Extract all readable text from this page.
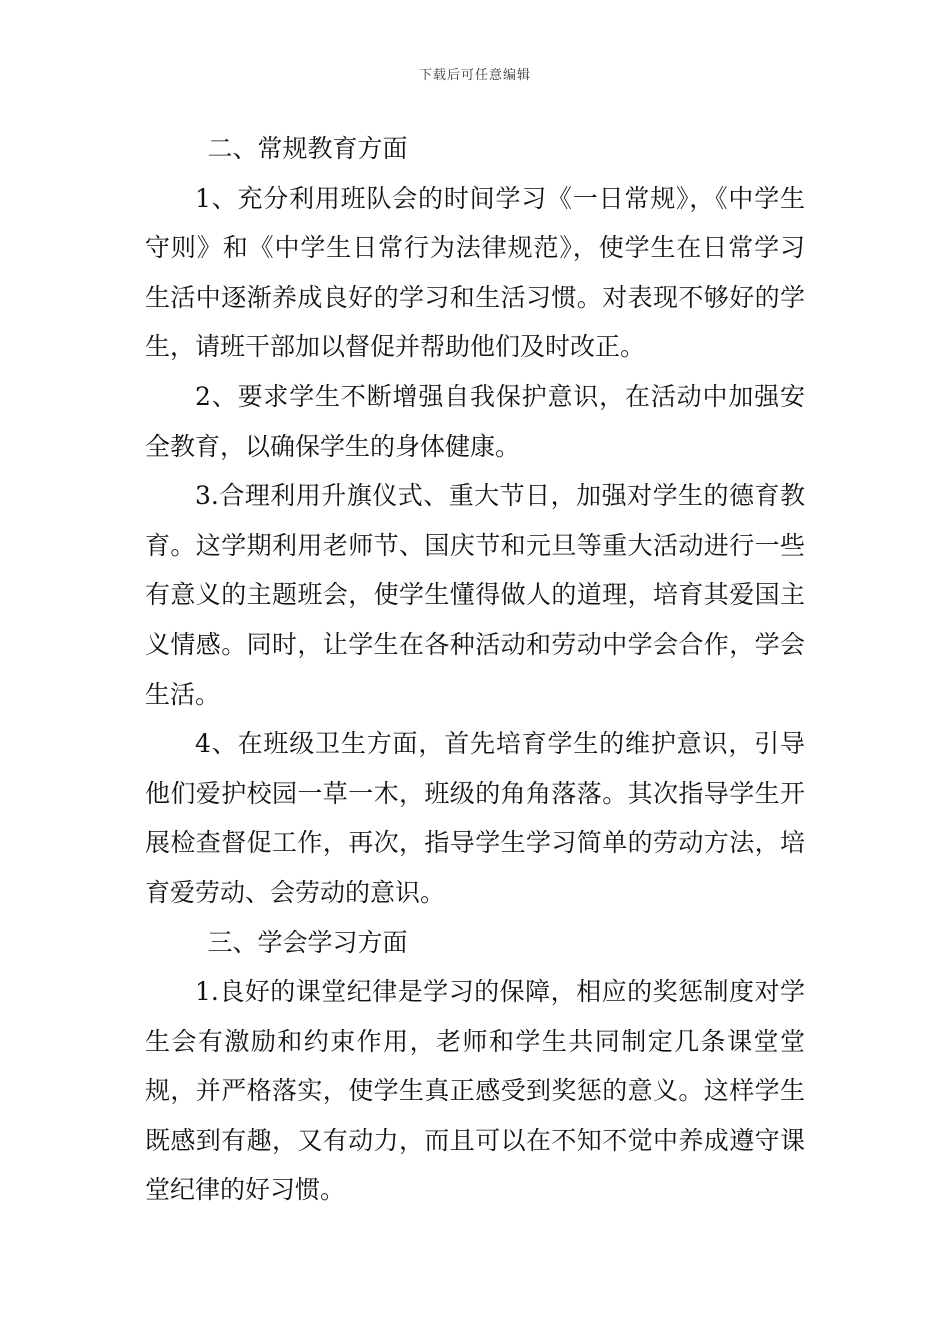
下载后可任意编辑

二、常规教育方面

1、充分利用班队会的时间学习《一日常规》，《中学生守则》和《中学生日常行为法律规范》，使学生在日常学习生活中逐渐养成良好的学习和生活习惯。对表现不够好的学生，请班干部加以督促并帮助他们及时改正。

2、要求学生不断增强自我保护意识，在活动中加强安全教育，以确保学生的身体健康。

3.合理利用升旗仪式、重大节日，加强对学生的德育教育。这学期利用老师节、国庆节和元旦等重大活动进行一些有意义的主题班会，使学生懂得做人的道理，培育其爱国主义情感。同时，让学生在各种活动和劳动中学会合作，学会生活。

4、在班级卫生方面，首先培育学生的维护意识，引导他们爱护校园一草一木，班级的角角落落。其次指导学生开展检查督促工作，再次，指导学生学习简单的劳动方法，培育爱劳动、会劳动的意识。

三、学会学习方面

1.良好的课堂纪律是学习的保障，相应的奖惩制度对学生会有激励和约束作用，老师和学生共同制定几条课堂堂规，并严格落实，使学生真正感受到奖惩的意义。这样学生既感到有趣，又有动力，而且可以在不知不觉中养成遵守课堂纪律的好习惯。
